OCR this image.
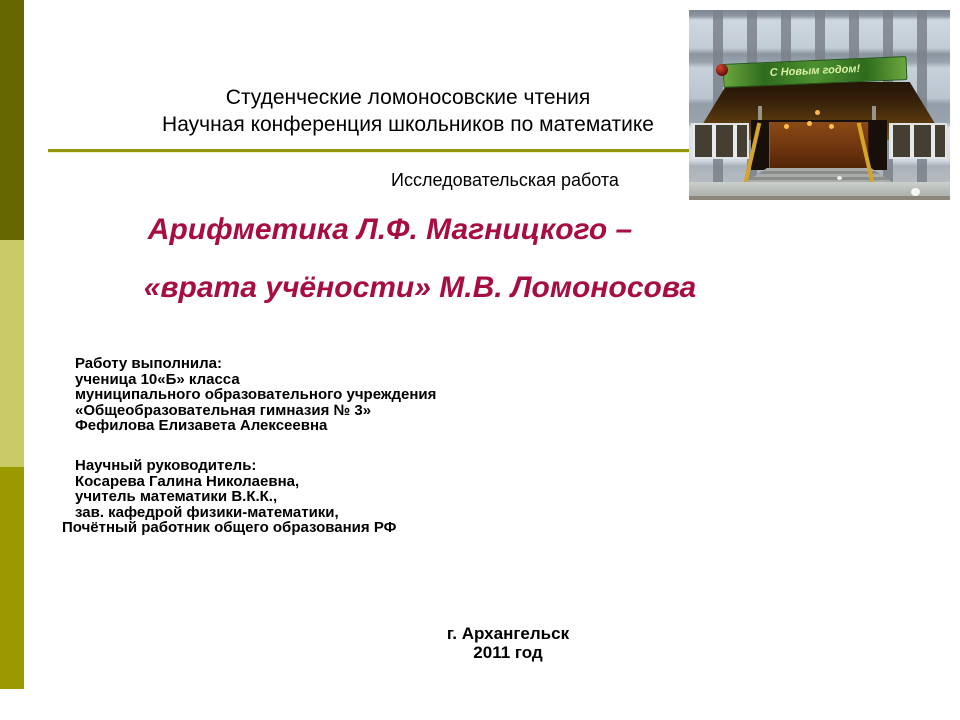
Студенческие ломоносовские чтения
Научная конференция школьников по математике
Исследовательская работа
Арифметика Л.Ф. Магницкого –
«врата учёности» М.В. Ломоносова
Работу выполнила:
ученица 10«Б» класса
муниципального образовательного учреждения
«Общеобразовательная гимназия № 3»
Фефилова Елизавета Алексеевна
Научный руководитель:
Косарева Галина Николаевна,
учитель математики В.К.К.,
зав. кафедрой физики-математики,
Почётный работник общего образования РФ
г. Архангельск
2011 год
С Новым годом!
